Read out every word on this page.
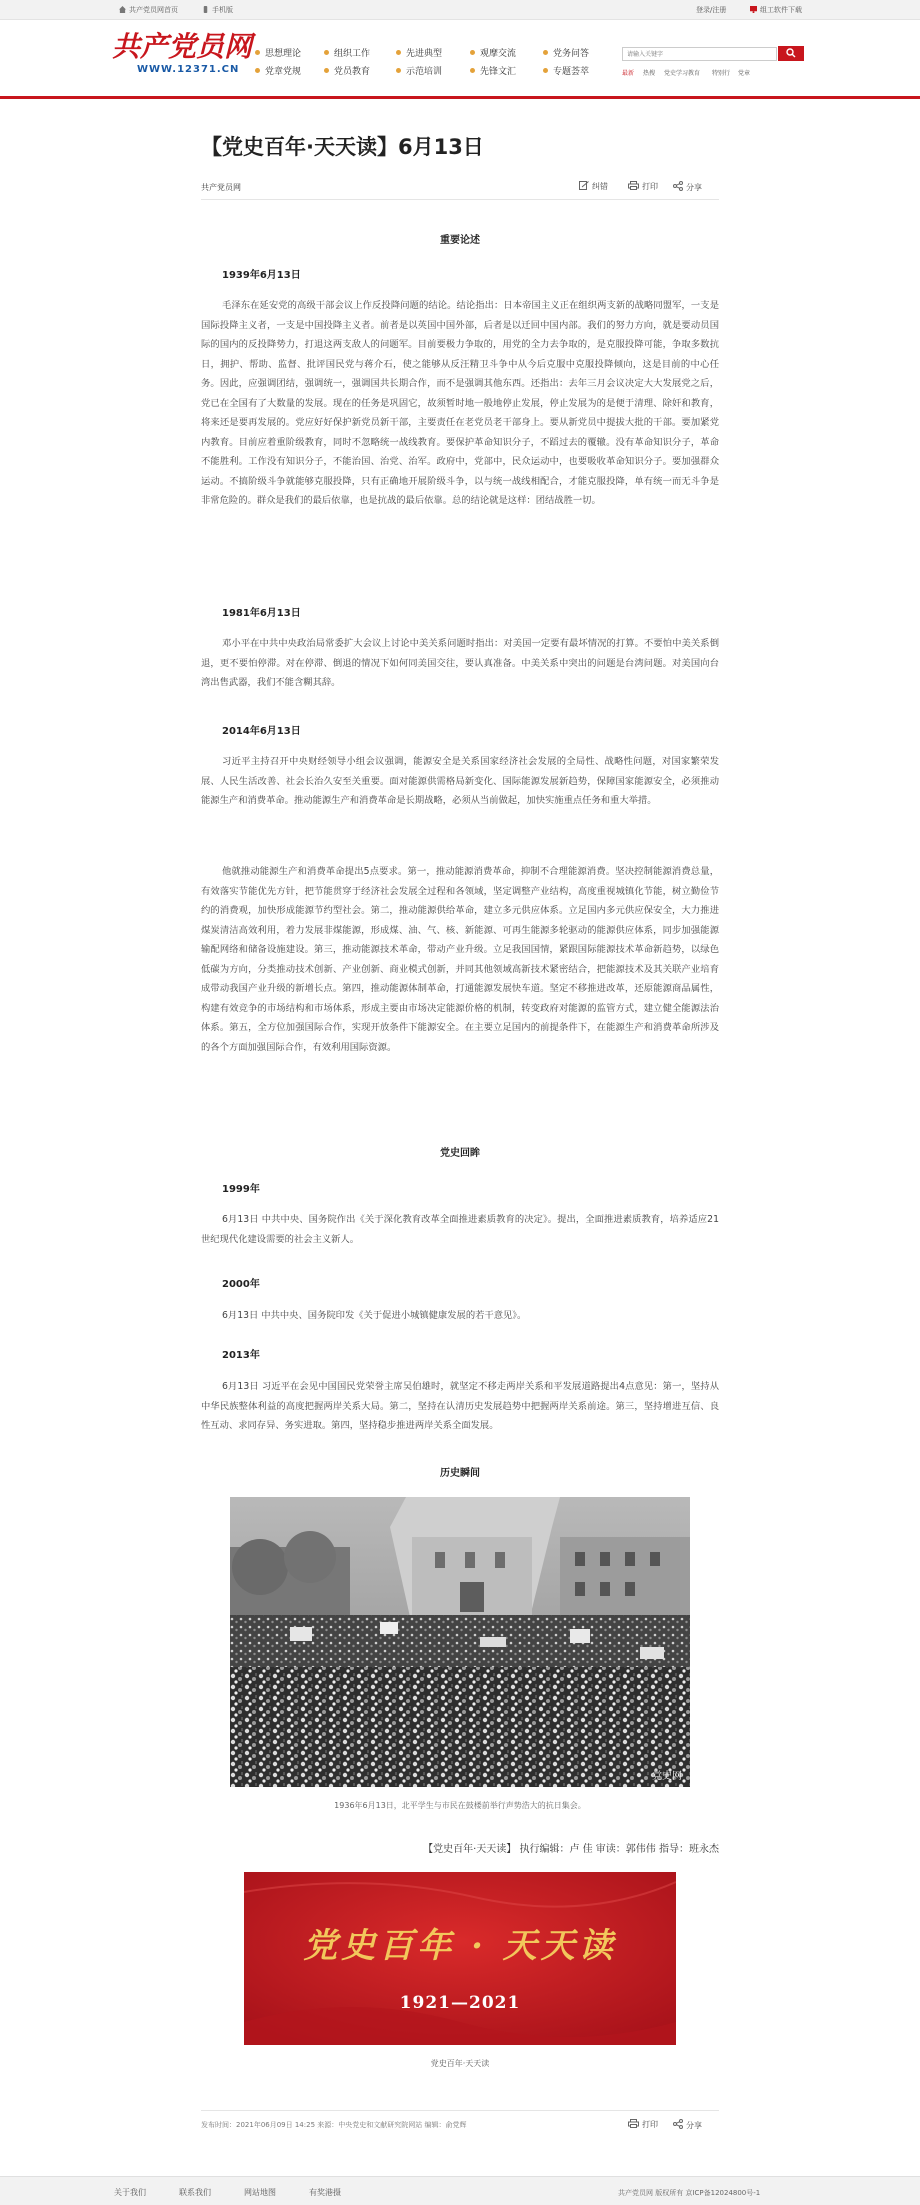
共产党员网首页	手机版	登录/注册	组工软件下载
共产党员网
WWW.12371.CN
思想理论	组织工作	先进典型	观摩交流	党务问答
党章党规	党员教育	示范培训	先锋文汇	专题荟萃
请输入关键字	最新 热搜 党史学习教育 特别行 党章
【党史百年·天天读】6月13日
共产党员网	纠错	打印	分享
重要论述
1939年6月13日

毛泽东在延安党的高级干部会议上作反投降问题的结论。结论指出：日本帝国主义正在组织两支新的战略同盟军，一支是国际投降主义者，一支是中国投降主义者。前者是以英国中国外部，后者是以迁回中国内部。我们的努力方向，就是要动员国际的国内的反投降势力，打退这两支敌人的问题军。目前要极力争取的，用党的全力去争取的，是克服投降可能，争取多数抗日，拥护、帮助、监督、批评国民党与蒋介石，使之能够从反汪精卫斗争中从今后克服中克服投降倾向，这是目前的中心任务。因此，应强调团结，强调统一，强调国共长期合作，而不是强调其他东西。还指出：去年三月会议决定大大发展党之后，党已在全国有了大数量的发展。现在的任务是巩固它，故须暂时地一般地停止发展，停止发展为的是便于清理、除奸和教育，将来还是要再发展的。党应好好保护新党员新干部，主要责任在老党员老干部身上。要从新党员中提拔大批的干部。要加紧党内教育。目前应着重阶级教育，同时不忽略统一战线教育。要保护革命知识分子，不蹈过去的覆辙。没有革命知识分子，革命不能胜利。工作没有知识分子，不能治国、治党、治军。政府中，党部中，民众运动中，也要吸收革命知识分子。要加强群众运动。不搞阶级斗争就能够克服投降，只有正确地开展阶级斗争，以与统一战线相配合，才能克服投降，单有统一而无斗争是非常危险的。群众是我们的最后依靠，也是抗战的最后依靠。总的结论就是这样：团结战胜一切。

1981年6月13日

邓小平在中共中央政治局常委扩大会议上讨论中美关系问题时指出：对美国一定要有最坏情况的打算。不要怕中美关系倒退，更不要怕停滞。对在停滞、倒退的情况下如何同美国交往，要认真准备。中美关系中突出的问题是台湾问题。对美国向台湾出售武器，我们不能含糊其辞。

2014年6月13日

习近平主持召开中央财经领导小组会议强调，能源安全是关系国家经济社会发展的全局性、战略性问题，对国家繁荣发展、人民生活改善、社会长治久安至关重要。面对能源供需格局新变化、国际能源发展新趋势，保障国家能源安全，必须推动能源生产和消费革命。推动能源生产和消费革命是长期战略，必须从当前做起，加快实施重点任务和重大举措。

他就推动能源生产和消费革命提出5点要求。第一，推动能源消费革命，抑制不合理能源消费。坚决控制能源消费总量，有效落实节能优先方针，把节能贯穿于经济社会发展全过程和各领域，坚定调整产业结构，高度重视城镇化节能，树立勤俭节约的消费观，加快形成能源节约型社会。第二，推动能源供给革命，建立多元供应体系。立足国内多元供应保安全，大力推进煤炭清洁高效利用，着力发展非煤能源，形成煤、油、气、核、新能源、可再生能源多轮驱动的能源供应体系，同步加强能源输配网络和储备设施建设。第三，推动能源技术革命，带动产业升级。立足我国国情，紧跟国际能源技术革命新趋势，以绿色低碳为方向，分类推动技术创新、产业创新、商业模式创新，并同其他领域高新技术紧密结合，把能源技术及其关联产业培育成带动我国产业升级的新增长点。第四，推动能源体制革命，打通能源发展快车道。坚定不移推进改革，还原能源商品属性，构建有效竞争的市场结构和市场体系，形成主要由市场决定能源价格的机制，转变政府对能源的监管方式，建立健全能源法治体系。第五，全方位加强国际合作，实现开放条件下能源安全。在主要立足国内的前提条件下，在能源生产和消费革命所涉及的各个方面加强国际合作，有效利用国际资源。

党史回眸
1999年

6月13日 中共中央、国务院作出《关于深化教育改革全面推进素质教育的决定》。提出，全面推进素质教育，培养适应21世纪现代化建设需要的社会主义新人。

2000年

6月13日 中共中央、国务院印发《关于促进小城镇健康发展的若干意见》。

2013年

6月13日 习近平在会见中国国民党荣誉主席吴伯雄时，就坚定不移走两岸关系和平发展道路提出4点意见：第一，坚持从中华民族整体利益的高度把握两岸关系大局。第二，坚持在认清历史发展趋势中把握两岸关系前途。第三，坚持增进互信、良性互动、求同存异、务实进取。第四，坚持稳步推进两岸关系全面发展。

历史瞬间
党史网
1936年6月13日，北平学生与市民在鼓楼前举行声势浩大的抗日集会。
【党史百年·天天读】 执行编辑：卢 佳 审读：郭伟伟 指导：班永杰
党史百年 · 天天读
1921—2021
党史百年·天天读
发布时间：2021年06月09日 14:25 来源：中央党史和文献研究院网站 编辑：俞党辉	打印	分享
关于我们	联系我们	网站地图	有奖港摄	共产党员网 版权所有 京ICP备12024800号-1
